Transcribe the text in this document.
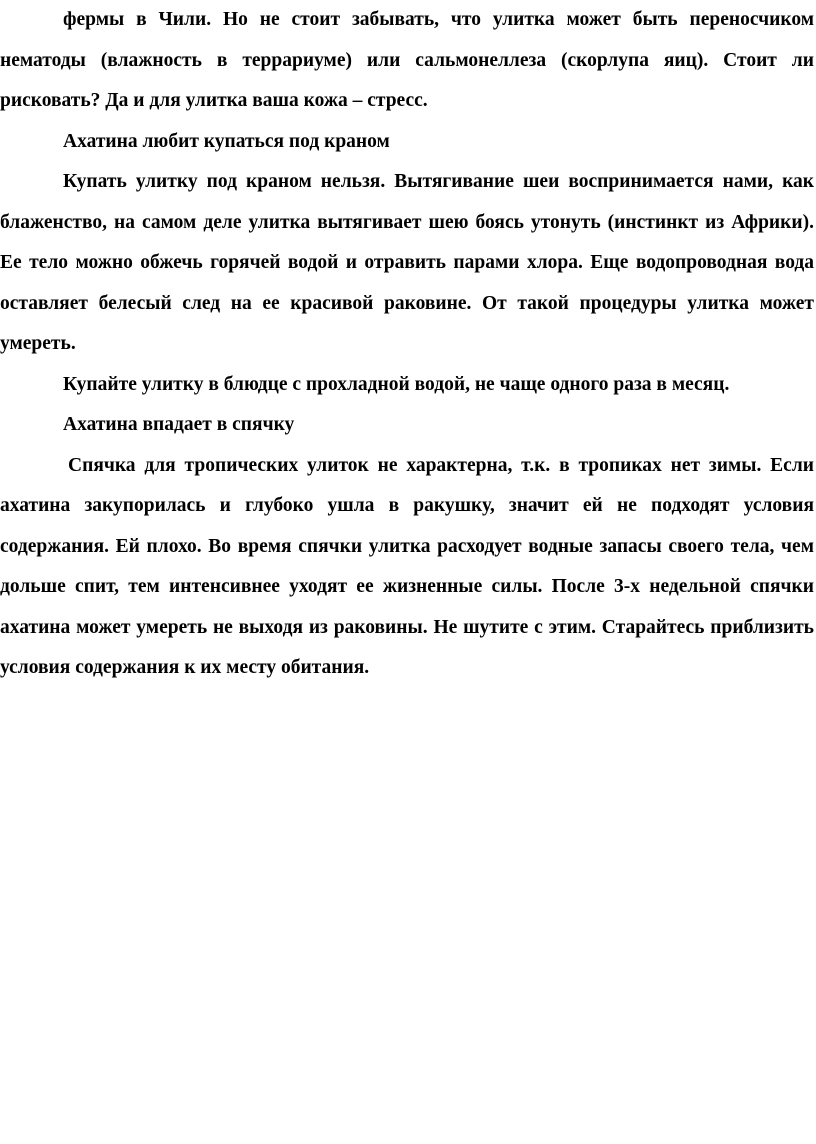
фермы в Чили. Но не стоит забывать, что улитка может быть переносчиком нематоды (влажность в террариуме) или сальмонеллеза (скорлупа яиц). Стоит ли рисковать? Да и для улитка ваша кожа – стресс.

Ахатина любит купаться под краном

Купать улитку под краном нельзя. Вытягивание шеи воспринимается нами, как блаженство, на самом деле улитка вытягивает шею боясь утонуть (инстинкт из Африки). Ее тело можно обжечь горячей водой и отравить парами хлора. Еще водопроводная вода оставляет белесый след на ее красивой раковине. От такой процедуры улитка может умереть.

Купайте улитку в блюдце с прохладной водой, не чаще одного раза в месяц.

Ахатина впадает в спячку

Спячка для тропических улиток не характерна, т.к. в тропиках нет зимы. Если ахатина закупорилась и глубоко ушла в ракушку, значит ей не подходят условия содержания. Ей плохо. Во время спячки улитка расходует водные запасы своего тела, чем дольше спит, тем интенсивнее уходят ее жизненные силы. После 3-х недельной спячки ахатина может умереть не выходя из раковины. Не шутите с этим. Старайтесь приблизить условия содержания к их месту обитания.
